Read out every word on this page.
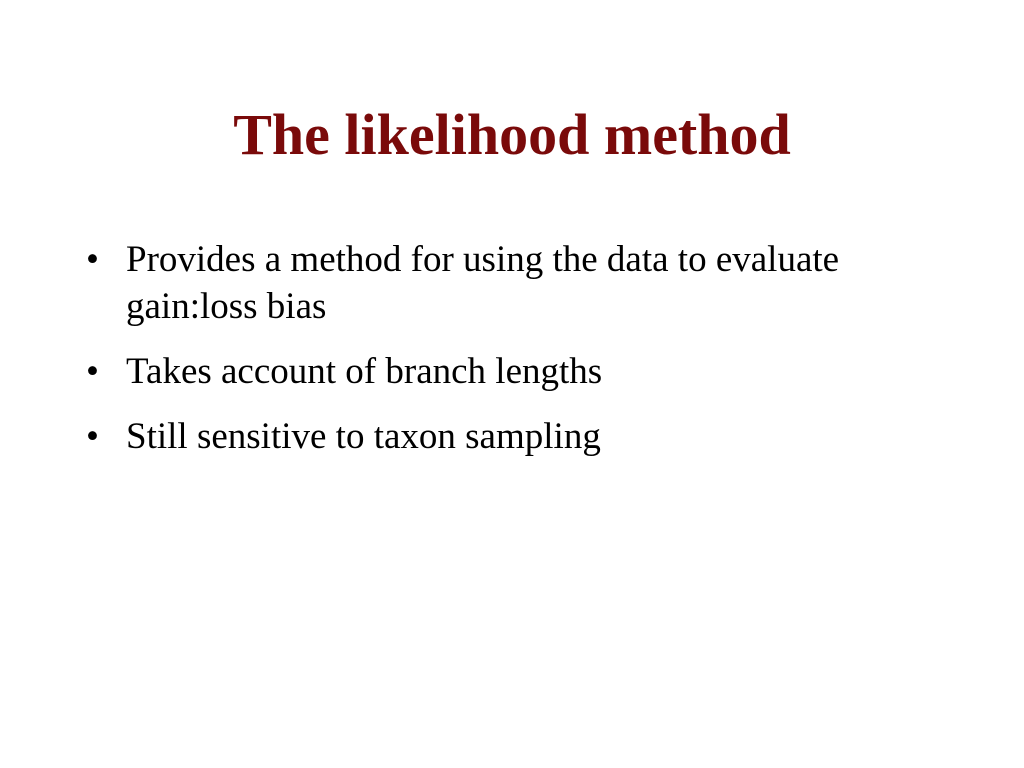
The likelihood method
• Provides a method for using the data to evaluate gain:loss bias
• Takes account of branch lengths
• Still sensitive to taxon sampling
